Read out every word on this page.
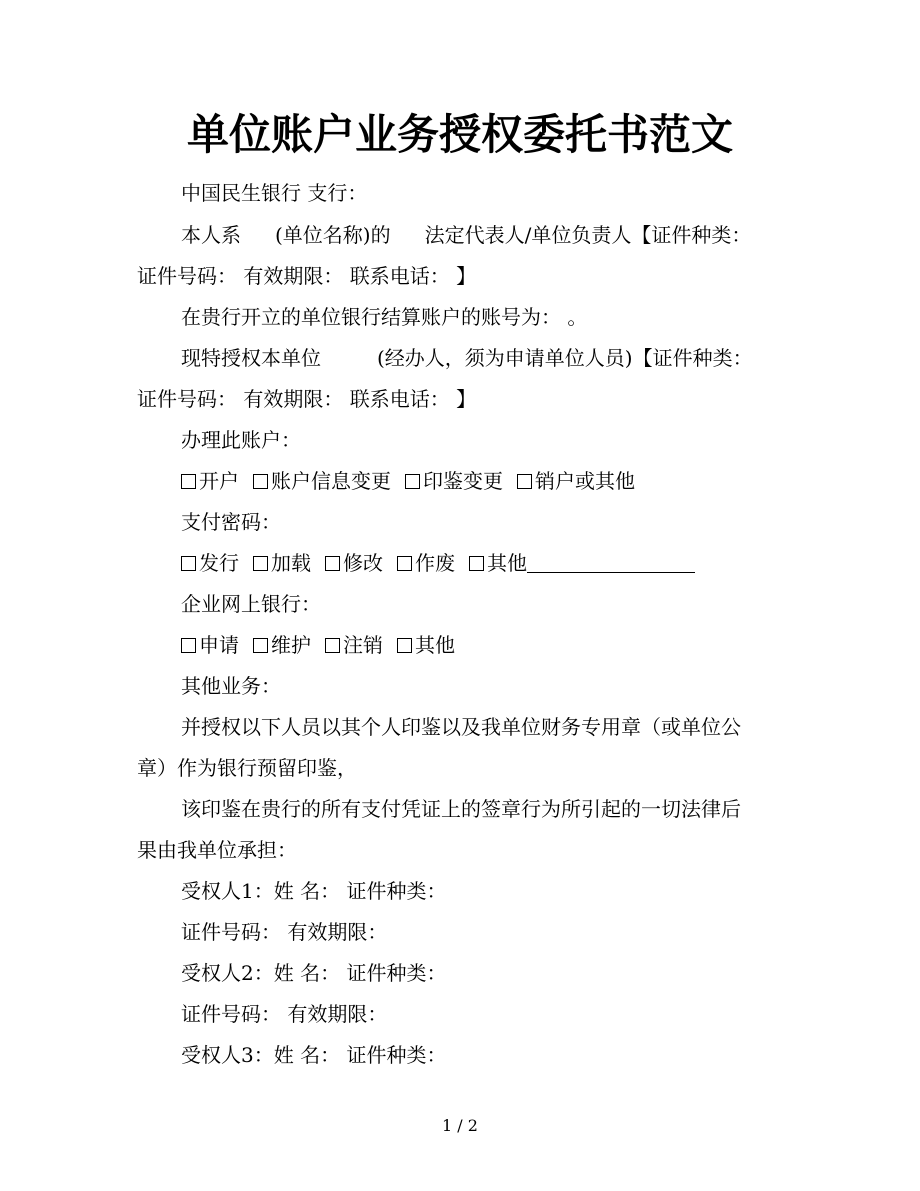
单位账户业务授权委托书范文
中国民生银行 支行：
本人系 (单位名称)的 法定代表人/单位负责人【证件种类：
证件号码： 有效期限： 联系电话： 】
在贵行开立的单位银行结算账户的账号为： 。
现特授权本单位	(经办人，须为申请单位人员)【证件种类：
证件号码： 有效期限： 联系电话： 】
办理此账户：
开户 账户信息变更 印鉴变更 销户或其他
支付密码：
发行 加载 修改 作废 其他
企业网上银行：
申请 维护 注销 其他
其他业务：
并授权以下人员以其个人印鉴以及我单位财务专用章（或单位公
章）作为银行预留印鉴，
该印鉴在贵行的所有支付凭证上的签章行为所引起的一切法律后
果由我单位承担：
受权人1：姓 名： 证件种类：
证件号码： 有效期限：
受权人2：姓 名： 证件种类：
证件号码： 有效期限：
受权人3：姓 名： 证件种类：
1 / 2
